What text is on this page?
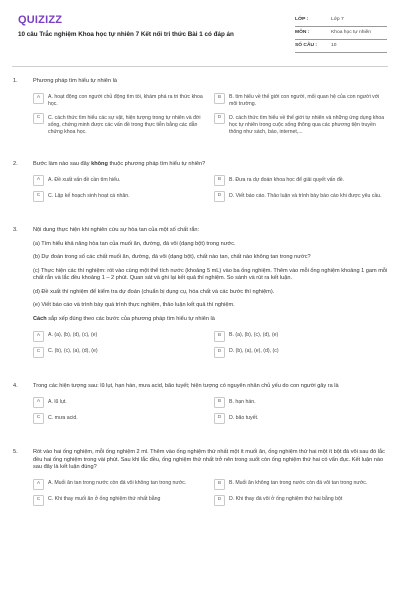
QUIZIZZ
10 câu Trắc nghiệm Khoa học tự nhiên 7 Kết nối tri thức Bài 1 có đáp án
LỚP :	Lớp 7
MÔN :	Khoa học tự nhiên
SỐ CÂU :	10
1.	Phương pháp tìm hiểu tự nhiên là
A	A. hoạt động con người chủ động tìm tòi, khám phá ra tri thức khoa học.
B	B. tìm hiểu về thế giới con người, mối quan hệ của con người với môi trường.
C	C. cách thức tìm hiểu các sự vật, hiện tượng trong tự nhiên và đời sống, chứng minh được các vấn đề trong thực tiễn bằng các dẫn chứng khoa học.
D	D. cách thức tìm hiểu về thế giới tự nhiên và những ứng dụng khoa học tự nhiên trong cuộc sống thông qua các phương tiện truyền thông như sách, báo, internet,...
2.	Bước làm nào sau đây không thuộc phương pháp tìm hiểu tự nhiên?
A	A. Đề xuất vấn đề cần tìm hiểu.	B	B. Đưa ra dự đoán khoa học để giải quyết vấn đề.
C	C. Lập kế hoạch sinh hoạt cá nhân.	D	D. Viết báo cáo. Thảo luận và trình bày báo cáo khi được yêu cầu.
3.	Nội dung thực hiện khi nghiên cứu sự hòa tan của một số chất rắn:
(a) Tìm hiểu khả năng hòa tan của muối ăn, đường, đá vôi (dạng bột) trong nước.
(b) Dự đoán trong số các chất muối ăn, đường, đá vôi (dạng bột), chất nào tan, chất nào không tan trong nước?
(c) Thực hiện các thí nghiệm: rót vào cùng một thể tích nước (khoảng 5 mL) vào ba ống nghiệm. Thêm vào mỗi ống nghiệm khoảng 1 gam mỗi chất rắn và lắc đều khoảng 1 – 2 phút. Quan sát và ghi lại kết quả thí nghiệm. So sánh và rút ra kết luận.
(d) Đề xuất thí nghiệm để kiểm tra dự đoán (chuẩn bị dụng cụ, hóa chất và các bước thí nghiệm).
(e) Viết báo cáo và trình bày quá trình thực nghiệm, thảo luận kết quả thí nghiệm.
Cách sắp xếp đúng theo các bước của phương pháp tìm hiểu tự nhiên là
A	A. (a), (b), (d), (c), (e)	B	B. (a), (b), (c), (d), (e)
C	C. (b), (c), (a), (d), (e)	D	D. (b), (a), (e), (d), (c)
4.	Trong các hiện tượng sau: lũ lụt, hạn hán, mưa acid, bão tuyết; hiện tượng có nguyên nhân chủ yếu do con người gây ra là
A	A. lũ lụt.	B	B. hạn hán.
C	C. mưa acid.	D	D. bão tuyết.
5.	Rót vào hai ống nghiệm, mỗi ống nghiệm 2 ml. Thêm vào ống nghiệm thứ nhất một ít muối ăn, ống nghiệm thứ hai một ít bột đá vôi sau đó lắc đều hai ống nghiệm trong vài phút. Sau khi lắc đều, ống nghiệm thứ nhất trở nên trong suốt còn ống nghiệm thứ hai có vẩn đục. Kết luận nào sau đây là kết luận đúng?
A	A. Muối ăn tan trong nước còn đá vôi không tan trong nước.	B	B. Muối ăn không tan trong nước còn đá vôi tan trong nước.
C	C. Khi thay muối ăn ở ống nghiệm thứ nhất bằng	D	D. Khi thay đá vôi ở ống nghiệm thứ hai bằng bột
